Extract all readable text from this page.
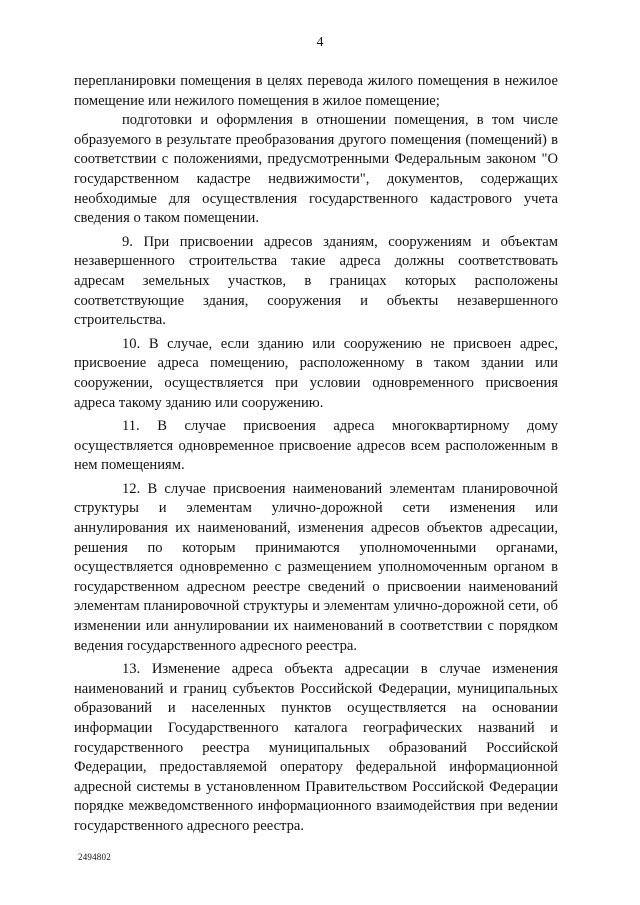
4

перепланировки помещения в целях перевода жилого помещения в нежилое помещение или нежилого помещения в жилое помещение;

подготовки и оформления в отношении помещения, в том числе образуемого в результате преобразования другого помещения (помещений) в соответствии с положениями, предусмотренными Федеральным законом "О государственном кадастре недвижимости", документов, содержащих необходимые для осуществления государственного кадастрового учета сведения о таком помещении.

9. При присвоении адресов зданиям, сооружениям и объектам незавершенного строительства такие адреса должны соответствовать адресам земельных участков, в границах которых расположены соответствующие здания, сооружения и объекты незавершенного строительства.

10. В случае, если зданию или сооружению не присвоен адрес, присвоение адреса помещению, расположенному в таком здании или сооружении, осуществляется при условии одновременного присвоения адреса такому зданию или сооружению.

11. В случае присвоения адреса многоквартирному дому осуществляется одновременное присвоение адресов всем расположенным в нем помещениям.

12. В случае присвоения наименований элементам планировочной структуры и элементам улично-дорожной сети изменения или аннулирования их наименований, изменения адресов объектов адресации, решения по которым принимаются уполномоченными органами, осуществляется одновременно с размещением уполномоченным органом в государственном адресном реестре сведений о присвоении наименований элементам планировочной структуры и элементам улично-дорожной сети, об изменении или аннулировании их наименований в соответствии с порядком ведения государственного адресного реестра.

13. Изменение адреса объекта адресации в случае изменения наименований и границ субъектов Российской Федерации, муниципальных образований и населенных пунктов осуществляется на основании информации Государственного каталога географических названий и государственного реестра муниципальных образований Российской Федерации, предоставляемой оператору федеральной информационной адресной системы в установленном Правительством Российской Федерации порядке межведомственного информационного взаимодействия при ведении государственного адресного реестра.

2494802
